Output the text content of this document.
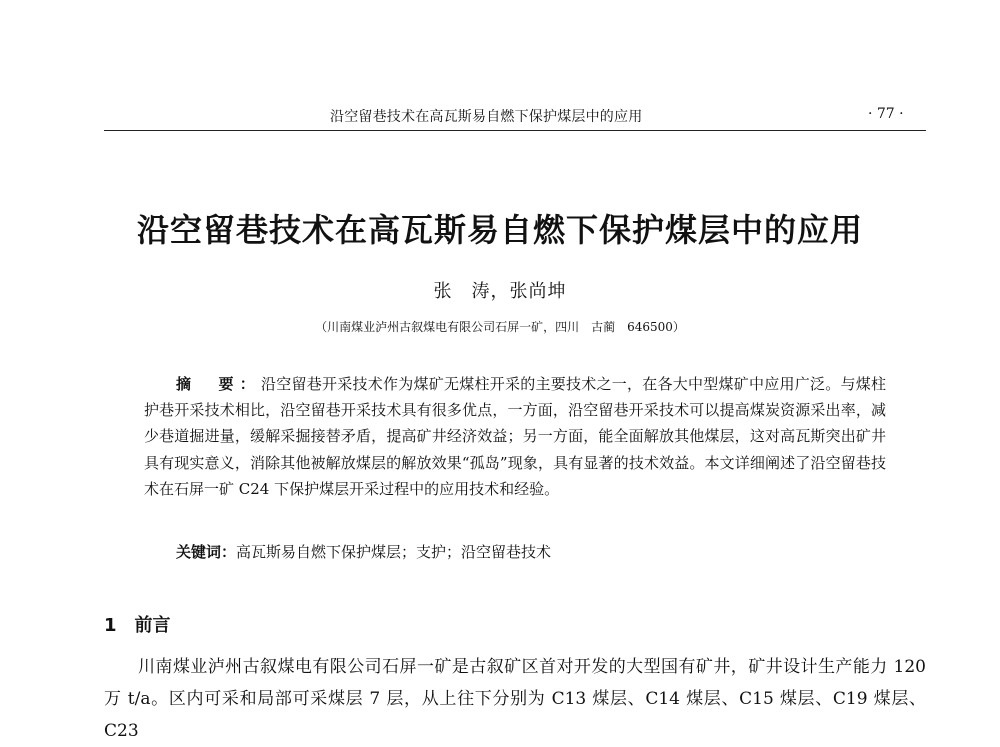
沿空留巷技术在高瓦斯易自燃下保护煤层中的应用	· 77 ·
沿空留巷技术在高瓦斯易自燃下保护煤层中的应用
张　涛，张尚坤
（川南煤业泸州古叙煤电有限公司石屏一矿，四川　古蔺　646500）
摘　要：沿空留巷开采技术作为煤矿无煤柱开采的主要技术之一，在各大中型煤矿中应用广泛。与煤柱护巷开采技术相比，沿空留巷开采技术具有很多优点，一方面，沿空留巷开采技术可以提高煤炭资源采出率，减少巷道掘进量，缓解采掘接替矛盾，提高矿井经济效益；另一方面，能全面解放其他煤层，这对高瓦斯突出矿井具有现实意义，消除其他被解放煤层的解放效果“孤岛”现象，具有显著的技术效益。本文详细阐述了沿空留巷技术在石屏一矿 C24 下保护煤层开采过程中的应用技术和经验。
关键词：高瓦斯易自燃下保护煤层；支护；沿空留巷技术
1 前言
川南煤业泸州古叙煤电有限公司石屏一矿是古叙矿区首对开发的大型国有矿井，矿井设计生产能力 120 万 t/a。区内可采和局部可采煤层 7 层，从上往下分别为 C13 煤层、C14 煤层、C15 煤层、C19 煤层、C23
